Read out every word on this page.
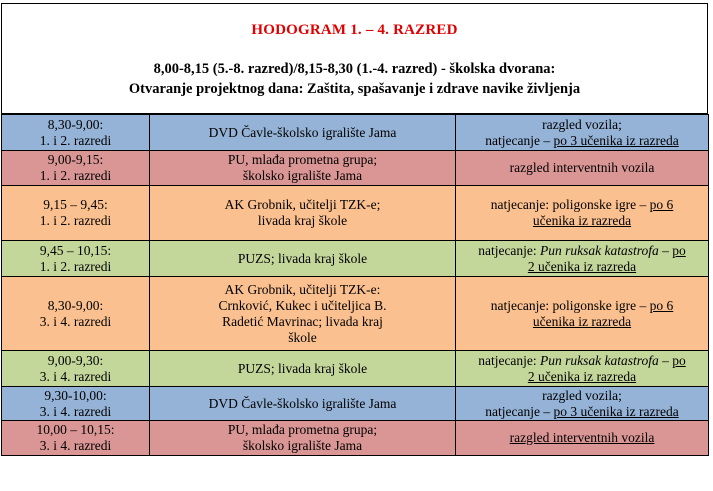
HODOGRAM 1. – 4. RAZRED
8,00-8,15 (5.-8. razred)/8,15-8,30 (1.-4. razred) - školska dvorana:
Otvaranje projektnog dana: Zaštita, spašavanje i zdrave navike življenja
8,30-9,00:
1. i 2. razredi	DVD Čavle-školsko igralište Jama	razgled vozila;
natjecanje – po 3 učenika iz razreda

9,00-9,15:
1. i 2. razredi	PU, mlađa prometna grupa;
školsko igralište Jama	razgled interventnih vozila

9,15 – 9,45:
1. i 2. razredi	AK Grobnik, učitelji TZK-e;
livada kraj škole	natjecanje: poligonske igre – po 6
učenika iz razreda

9,45 – 10,15:
1. i 2. razredi	PUZS; livada kraj škole	natjecanje: Pun ruksak katastrofa – po
2 učenika iz razreda

8,30-9,00:
3. i 4. razredi	AK Grobnik, učitelji TZK-e:
Crnković, Kukec i učiteljica B.
Radetić Mavrinac; livada kraj
škole	natjecanje: poligonske igre – po 6
učenika iz razreda

9,00-9,30:
3. i 4. razredi	PUZS; livada kraj škole	natjecanje: Pun ruksak katastrofa – po
2 učenika iz razreda

9,30-10,00:
3. i 4. razredi	DVD Čavle-školsko igralište Jama	razgled vozila;
natjecanje – po 3 učenika iz razreda

10,00 – 10,15:
3. i 4. razredi	PU, mlađa prometna grupa;
školsko igralište Jama	razgled interventnih vozila
